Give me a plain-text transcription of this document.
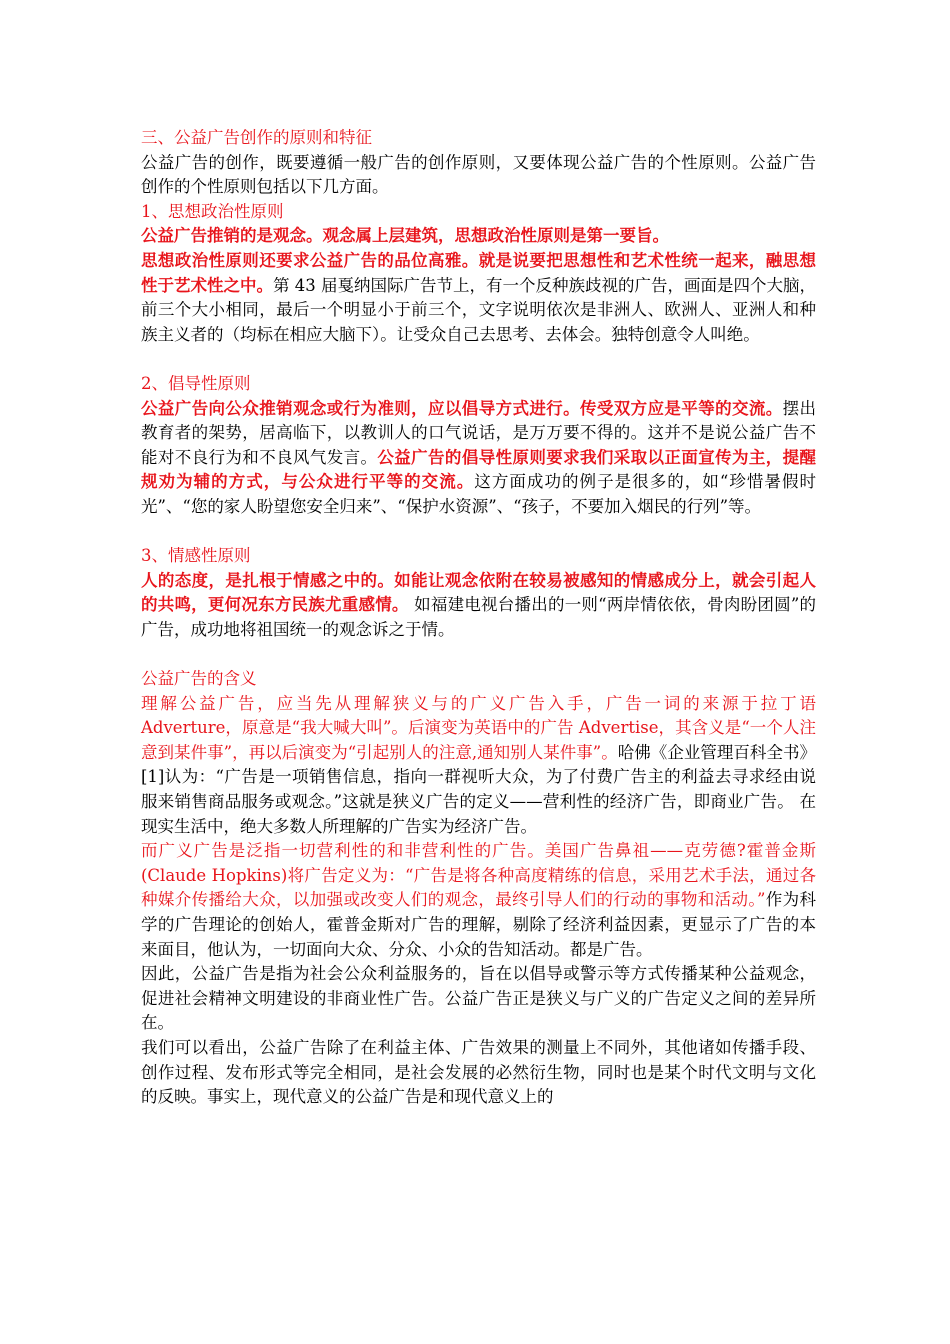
三、公益广告创作的原则和特征

公益广告的创作，既要遵循一般广告的创作原则，又要体现公益广告的个性原则。公益广告创作的个性原则包括以下几方面。

1、思想政治性原则

公益广告推销的是观念。观念属上层建筑，思想政治性原则是第一要旨。

思想政治性原则还要求公益广告的品位高雅。就是说要把思想性和艺术性统一起来，融思想性于艺术性之中。第 43 届戛纳国际广告节上，有一个反种族歧视的广告，画面是四个大脑，前三个大小相同，最后一个明显小于前三个，文字说明依次是非洲人、欧洲人、亚洲人和种族主义者的（均标在相应大脑下）。让受众自己去思考、去体会。独特创意令人叫绝。

2、倡导性原则

公益广告向公众推销观念或行为准则，应以倡导方式进行。传受双方应是平等的交流。摆出教育者的架势，居高临下，以教训人的口气说话，是万万要不得的。这并不是说公益广告不能对不良行为和不良风气发言。公益广告的倡导性原则要求我们采取以正面宣传为主，提醒规劝为辅的方式，与公众进行平等的交流。这方面成功的例子是很多的，如“珍惜暑假时光”、“您的家人盼望您安全归来”、“保护水资源”、“孩子，不要加入烟民的行列”等。

3、情感性原则

人的态度，是扎根于情感之中的。如能让观念依附在较易被感知的情感成分上，就会引起人的共鸣，更何况东方民族尤重感情。 如福建电视台播出的一则“两岸情依依，骨肉盼团圆”的广告，成功地将祖国统一的观念诉之于情。

公益广告的含义

理解公益广告，应当先从理解狭义与的广义广告入手，广告一词的来源于拉丁语 Adverture，原意是“我大喊大叫”。后演变为英语中的广告 Advertise，其含义是“一个人注意到某件事”，再以后演变为“引起别人的注意,通知别人某件事”。哈佛《企业管理百科全书》[1]认为：“广告是一项销售信息，指向一群视听大众，为了付费广告主的利益去寻求经由说服来销售商品服务或观念。”这就是狭义广告的定义——营利性的经济广告，即商业广告。 在现实生活中，绝大多数人所理解的广告实为经济广告。

而广义广告是泛指一切营利性的和非营利性的广告。美国广告鼻祖——克劳德?霍普金斯(Claude Hopkins)将广告定义为：“广告是将各种高度精练的信息，采用艺术手法，通过各种媒介传播给大众，以加强或改变人们的观念，最终引导人们的行动的事物和活动。”作为科学的广告理论的创始人，霍普金斯对广告的理解，剔除了经济利益因素，更显示了广告的本来面目，他认为，一切面向大众、分众、小众的告知活动。都是广告。

因此，公益广告是指为社会公众利益服务的，旨在以倡导或警示等方式传播某种公益观念，促进社会精神文明建设的非商业性广告。公益广告正是狭义与广义的广告定义之间的差异所在。

我们可以看出，公益广告除了在利益主体、广告效果的测量上不同外，其他诸如传播手段、创作过程、发布形式等完全相同，是社会发展的必然衍生物，同时也是某个时代文明与文化的反映。事实上，现代意义的公益广告是和现代意义上的
